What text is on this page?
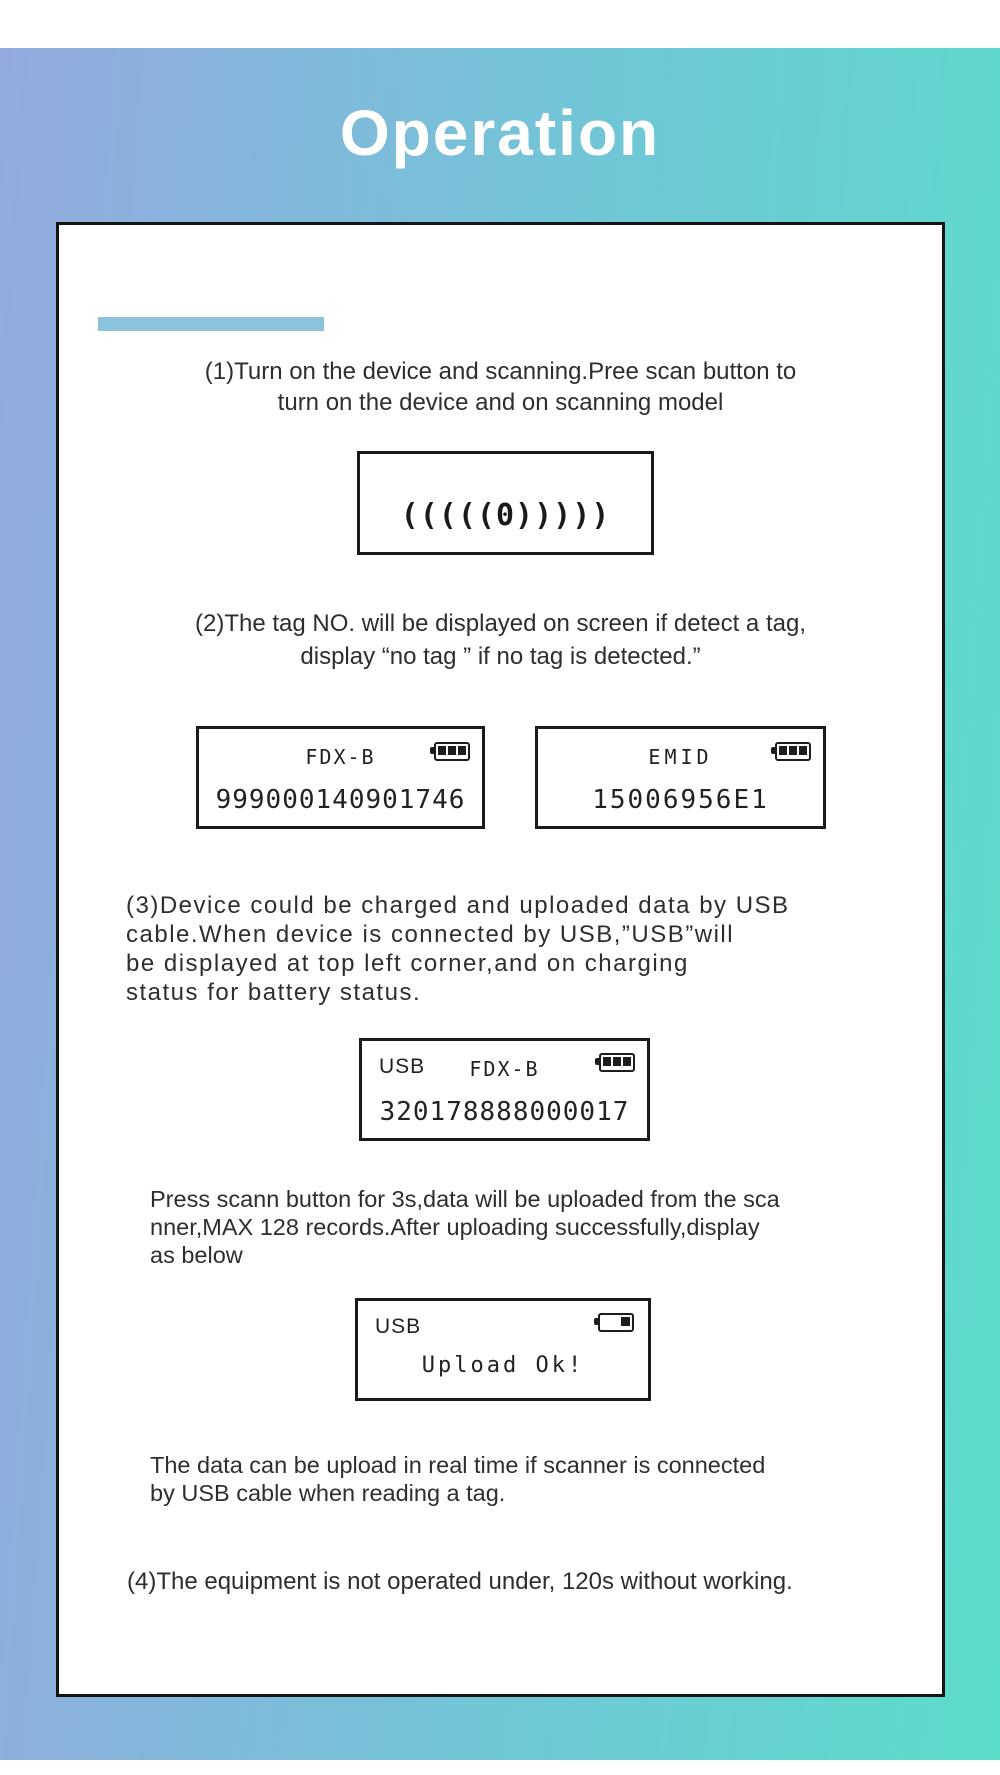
Operation
(1)Turn on the device and scanning.Pree scan button to
turn on the device and on scanning model
(((((0)))))
(2)The tag NO. will be displayed on screen if detect a tag,
display “no tag ” if no tag is detected.”
FDX-B
999000140901746
EMID
15006956E1
(3)Device could be charged and uploaded data by USB
cable.When device is connected by USB,”USB”will
be displayed at top left corner,and on charging
status for battery status.
USB	FDX-B
320178888000017
Press scann button for 3s,data will be uploaded from the sca
nner,MAX 128 records.After uploading successfully,display
as below
USB
Upload Ok!
The data can be upload in real time if scanner is connected
by USB cable when reading a tag.
(4)The equipment is not operated under, 120s without working.
